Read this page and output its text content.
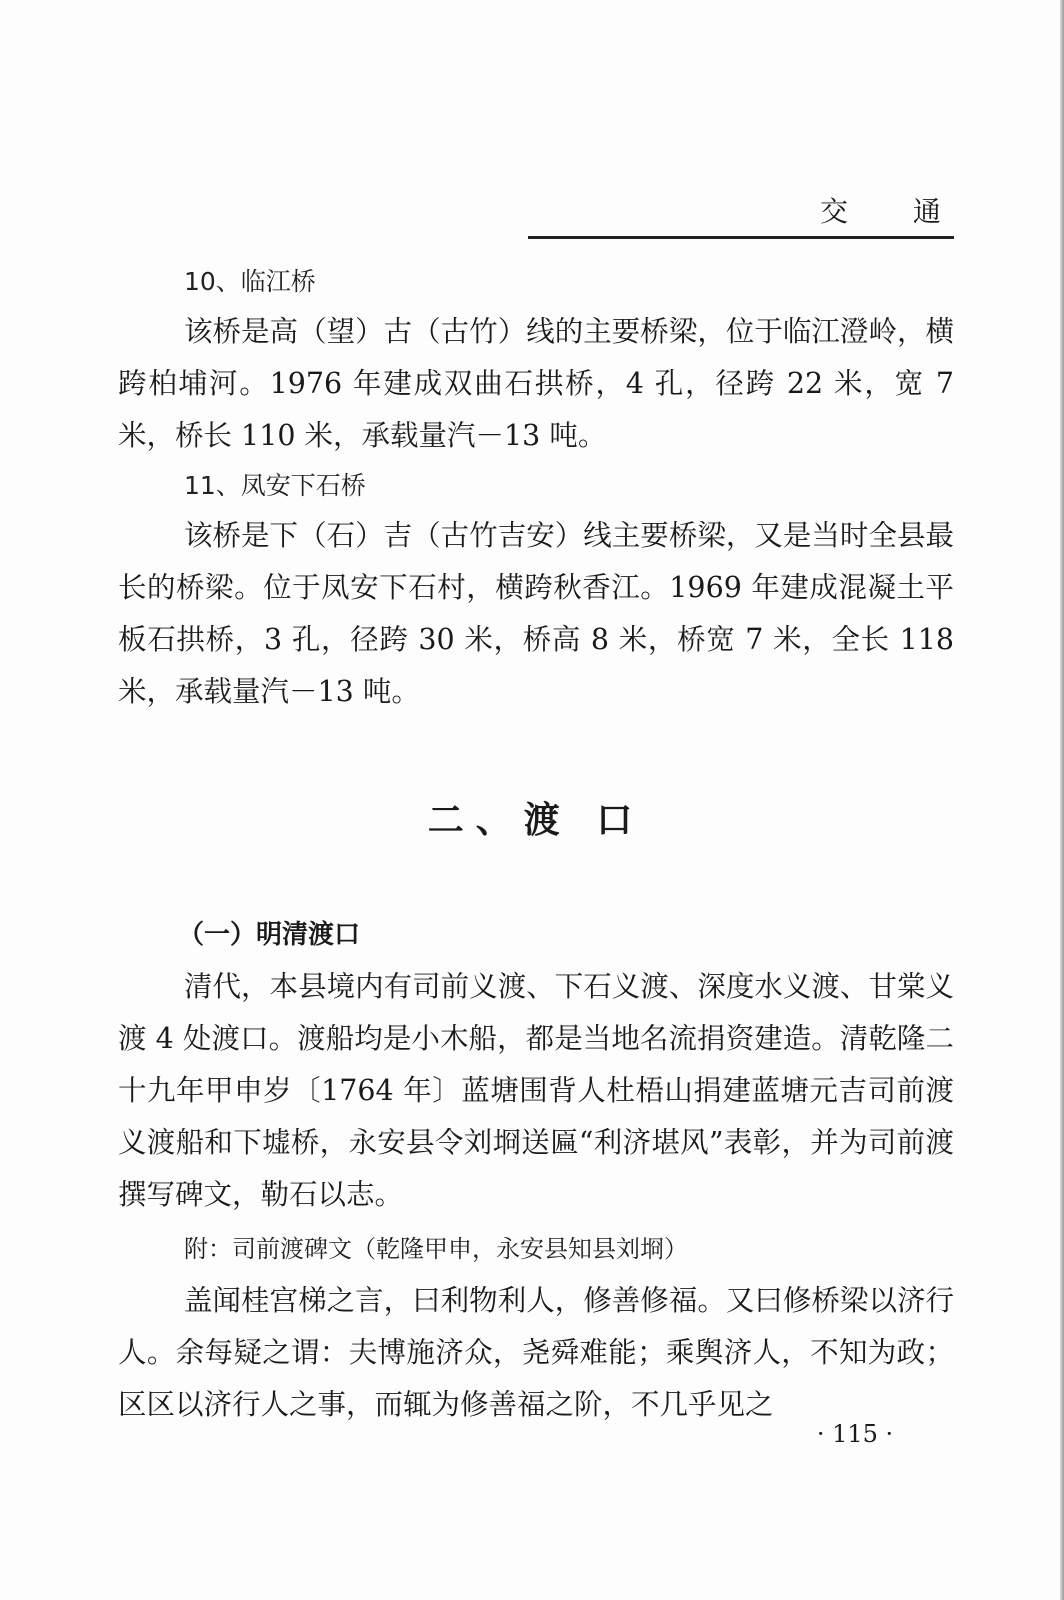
交 通
10、临江桥

该桥是高（望）古（古竹）线的主要桥梁，位于临江澄岭，横跨柏埔河。1976 年建成双曲石拱桥，4 孔，径跨 22 米，宽 7 米，桥长 110 米，承载量汽－13 吨。

11、凤安下石桥

该桥是下（石）吉（古竹吉安）线主要桥梁，又是当时全县最长的桥梁。位于凤安下石村，横跨秋香江。1969 年建成混凝土平板石拱桥，3 孔，径跨 30 米，桥高 8 米，桥宽 7 米，全长 118 米，承载量汽－13 吨。

二、渡 口
（一）明清渡口

清代，本县境内有司前义渡、下石义渡、深度水义渡、甘棠义渡 4 处渡口。渡船均是小木船，都是当地名流捐资建造。清乾隆二十九年甲申岁〔1764 年〕蓝塘围背人杜梧山捐建蓝塘元吉司前渡义渡船和下墟桥，永安县令刘埛送匾“利济堪风”表彰，并为司前渡撰写碑文，勒石以志。

附：司前渡碑文（乾隆甲申，永安县知县刘埛）

盖闻桂宫梯之言，曰利物利人，修善修福。又曰修桥梁以济行人。余每疑之谓：夫博施济众，尧舜难能；乘舆济人，不知为政；区区以济行人之事，而辄为修善福之阶，不几乎见之

· 115 ·
